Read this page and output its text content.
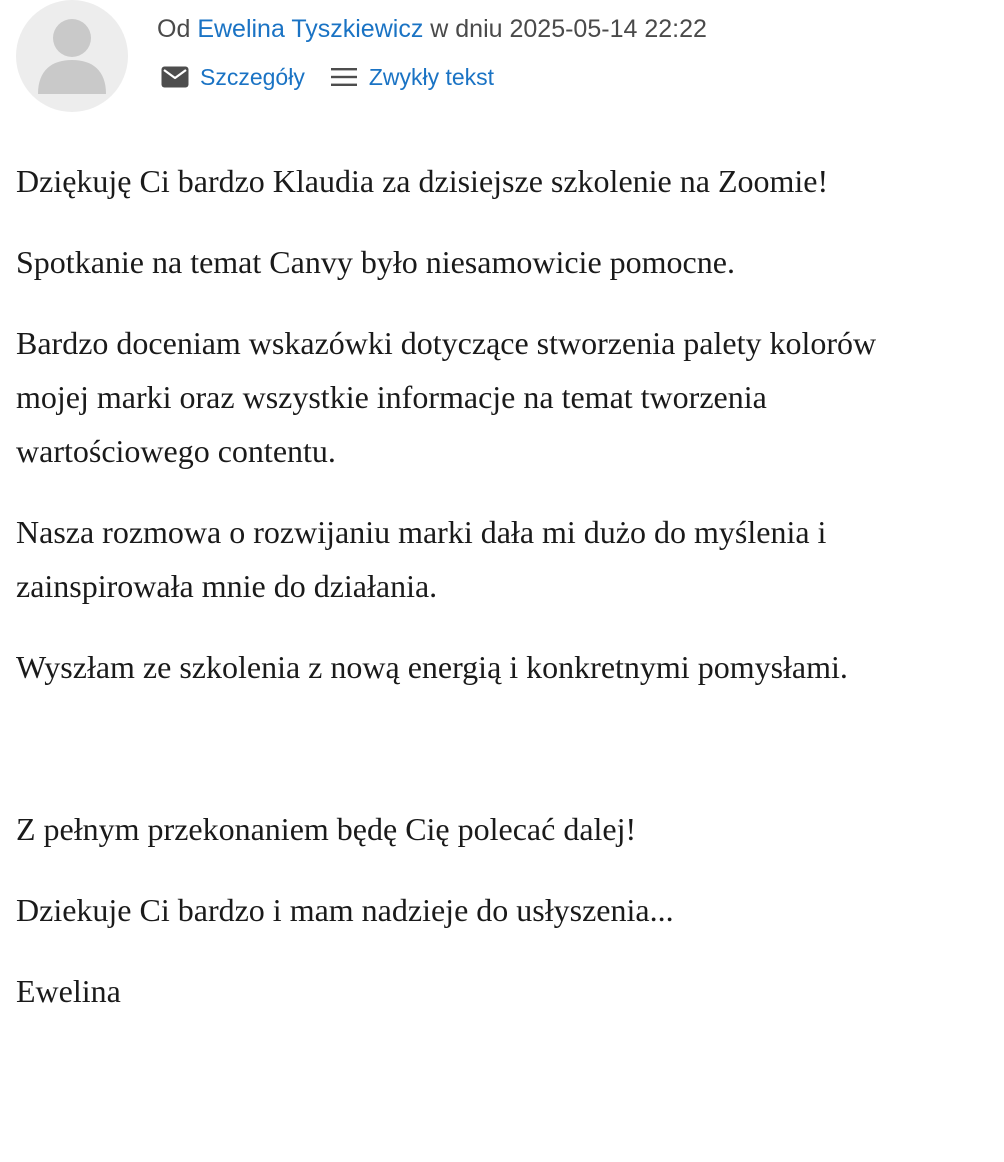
Od Ewelina Tyszkiewicz w dniu 2025-05-14 22:22
Szczegóły	Zwykły tekst

Dziękuję Ci bardzo Klaudia za dzisiejsze szkolenie na Zoomie!

Spotkanie na temat Canvy było niesamowicie pomocne.

Bardzo doceniam wskazówki dotyczące stworzenia palety kolorów mojej marki oraz wszystkie informacje na temat tworzenia wartościowego contentu.

Nasza rozmowa o rozwijaniu marki dała mi dużo do myślenia i zainspirowała mnie do działania.

Wyszłam ze szkolenia z nową energią i konkretnymi pomysłami.

Z pełnym przekonaniem będę Cię polecać dalej!

Dziekuje Ci bardzo i mam nadzieje do usłyszenia...

Ewelina
